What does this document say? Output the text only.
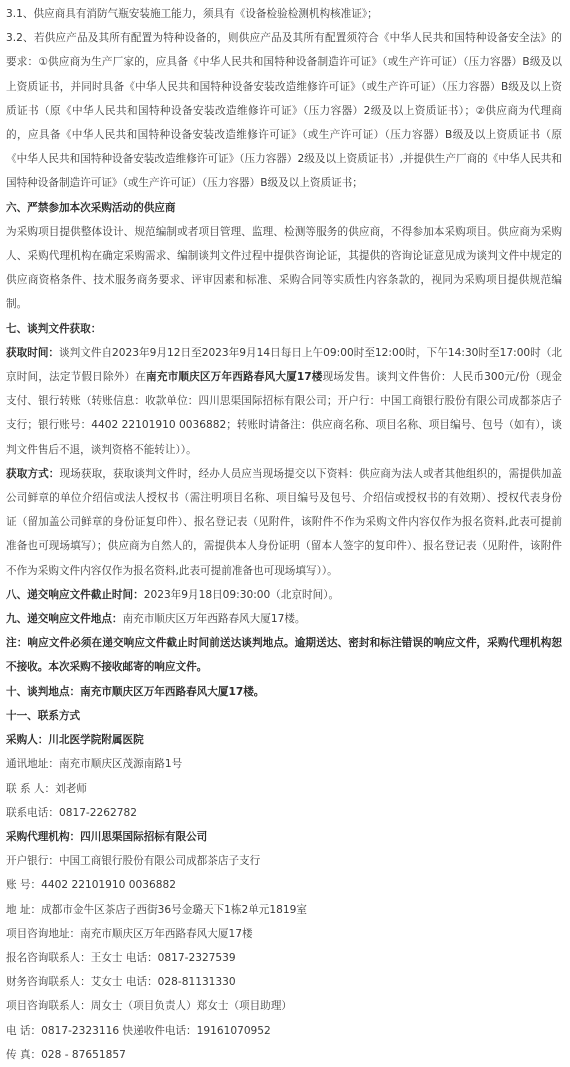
3.1、供应商具有消防气瓶安装施工能力，须具有《设备检验检测机构核准证》；

3.2、若供应产品及其所有配置为特种设备的，则供应产品及其所有配置须符合《中华人民共和国特种设备安全法》的要求：①供应商为生产厂家的，应具备《中华人民共和国特种设备制造许可证》（或生产许可证）（压力容器）B级及以上资质证书，并同时具备《中华人民共和国特种设备安装改造维修许可证》（或生产许可证）（压力容器）B级及以上资质证书（原《中华人民共和国特种设备安装改造维修许可证》（压力容器）2级及以上资质证书）；②供应商为代理商的，应具备《中华人民共和国特种设备安装改造维修许可证》（或生产许可证）（压力容器）B级及以上资质证书（原《中华人民共和国特种设备安装改造维修许可证》（压力容器）2级及以上资质证书）,并提供生产厂商的《中华人民共和国特种设备制造许可证》（或生产许可证）（压力容器）B级及以上资质证书；

六、严禁参加本次采购活动的供应商

为采购项目提供整体设计、规范编制或者项目管理、监理、检测等服务的供应商，不得参加本采购项目。供应商为采购人、采购代理机构在确定采购需求、编制谈判文件过程中提供咨询论证，其提供的咨询论证意见成为谈判文件中规定的供应商资格条件、技术服务商务要求、评审因素和标准、采购合同等实质性内容条款的，视同为采购项目提供规范编制。

七、谈判文件获取：

获取时间：谈判文件自2023年9月12日至2023年9月14日每日上午09:00时至12:00时，下午14:30时至17:00时（北京时间，法定节假日除外）在南充市顺庆区万年西路春风大厦17楼现场发售。谈判文件售价：人民币300元/份（现金支付、银行转账（转账信息：收款单位：四川思渠国际招标有限公司；开户行：中国工商银行股份有限公司成都茶店子支行；银行账号：4402 22101910 0036882；转账时请备注：供应商名称、项目名称、项目编号、包号（如有），谈判文件售后不退，谈判资格不能转让））。

获取方式：现场获取，获取谈判文件时，经办人员应当现场提交以下资料：供应商为法人或者其他组织的，需提供加盖公司鲜章的单位介绍信或法人授权书（需注明项目名称、项目编号及包号、介绍信或授权书的有效期）、授权代表身份证（留加盖公司鲜章的身份证复印件）、报名登记表（见附件，该附件不作为采购文件内容仅作为报名资料,此表可提前准备也可现场填写）；供应商为自然人的，需提供本人身份证明（留本人签字的复印件）、报名登记表（见附件，该附件不作为采购文件内容仅作为报名资料,此表可提前准备也可现场填写））。

八、递交响应文件截止时间：2023年9月18日09:30:00（北京时间）。

九、递交响应文件地点：南充市顺庆区万年西路春风大厦17楼。

注：响应文件必须在递交响应文件截止时间前送达谈判地点。逾期送达、密封和标注错误的响应文件，采购代理机构恕不接收。本次采购不接收邮寄的响应文件。

十、谈判地点：南充市顺庆区万年西路春风大厦17楼。

十一、联系方式

采购人：川北医学院附属医院

通讯地址：南充市顺庆区茂源南路1号

联 系 人：刘老师

联系电话：0817-2262782

采购代理机构：四川思渠国际招标有限公司

开户银行：中国工商银行股份有限公司成都茶店子支行

账 号：4402 22101910 0036882

地 址：成都市金牛区茶店子西街36号金璐天下1栋2单元1819室

项目咨询地址：南充市顺庆区万年西路春风大厦17楼

报名咨询联系人：王女士 电话：0817-2327539

财务咨询联系人：艾女士 电话：028-81131330

项目咨询联系人：周女士（项目负责人）郑女士（项目助理）

电 话：0817-2323116 快递收件电话：19161070952

传 真：028 - 87651857
